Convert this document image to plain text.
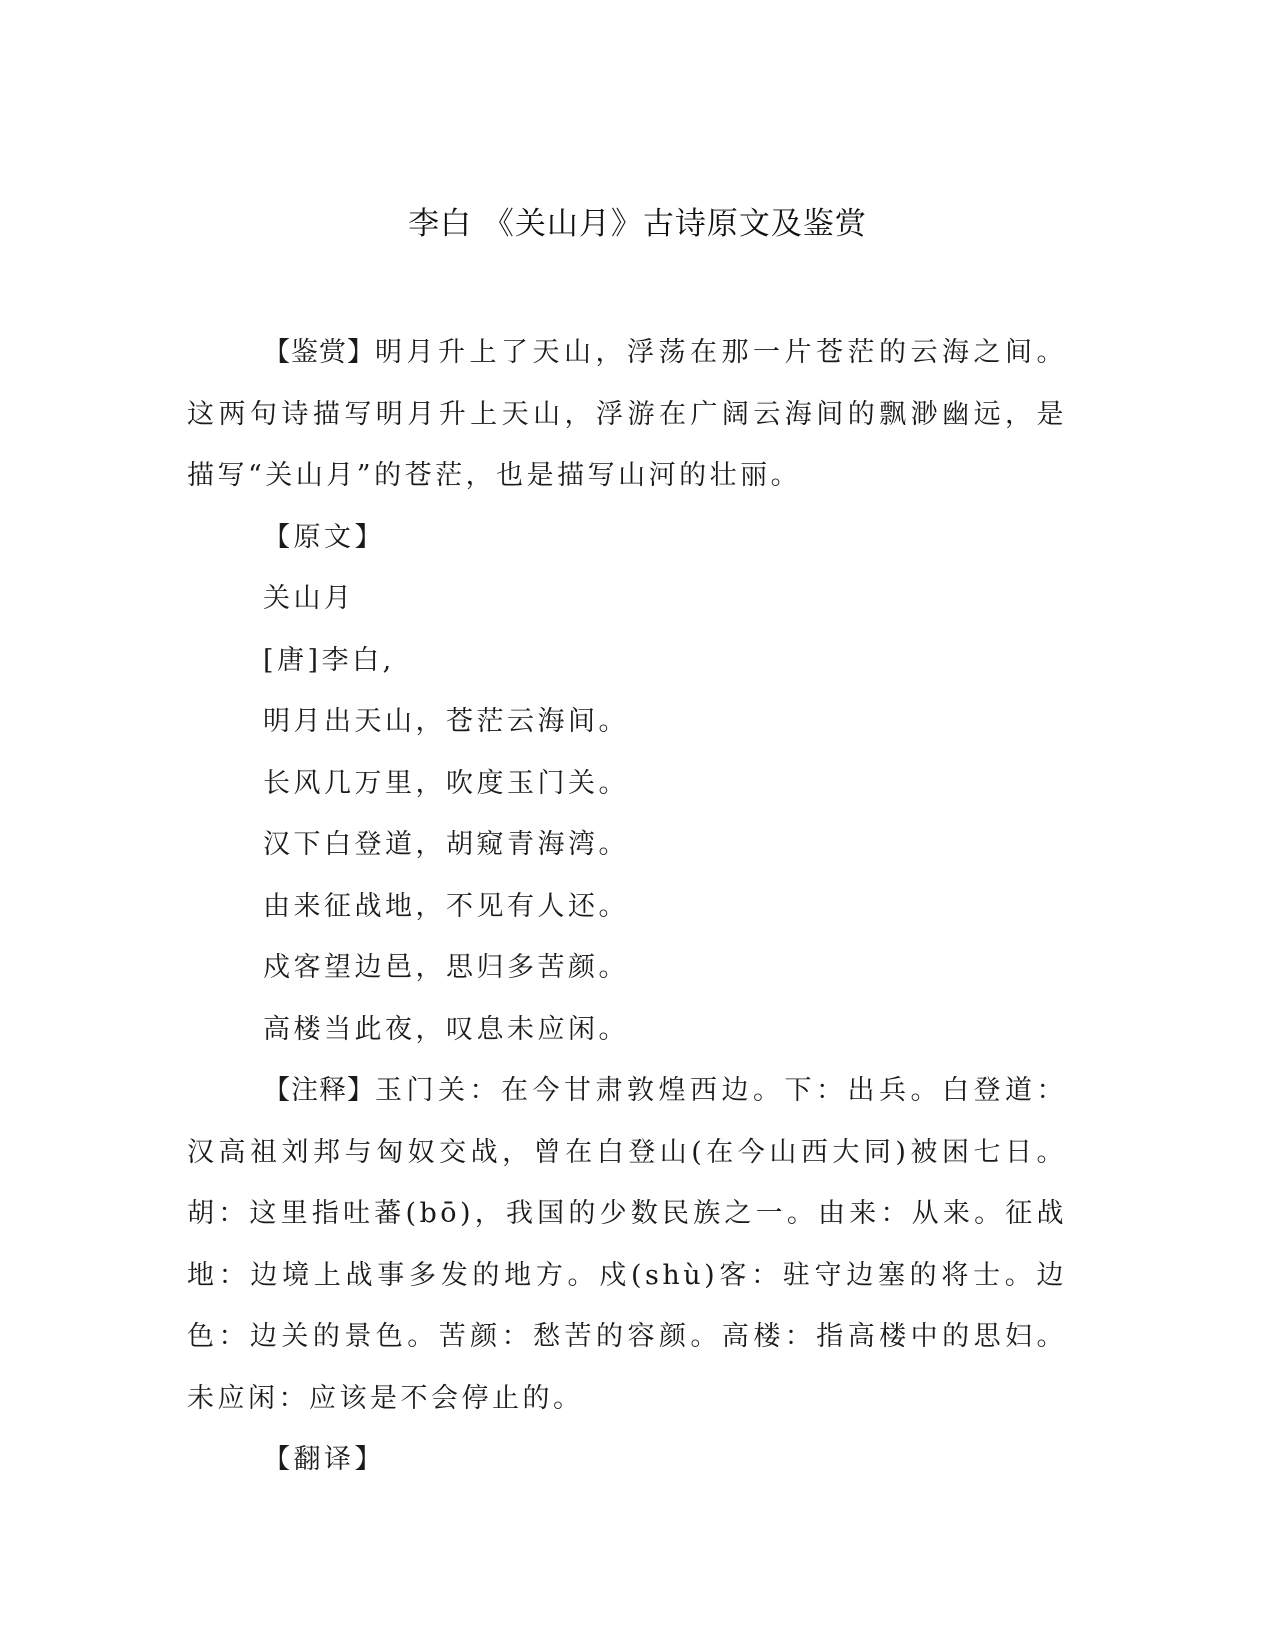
李白 《关山月》古诗原文及鉴赏

【鉴赏】明月升上了天山，浮荡在那一片苍茫的云海之间。这两句诗描写明月升上天山，浮游在广阔云海间的飘渺幽远，是描写“关山月”的苍茫，也是描写山河的壮丽。

【原文】

关山月

[唐]李白,

明月出天山，苍茫云海间。

长风几万里，吹度玉门关。

汉下白登道，胡窥青海湾。

由来征战地，不见有人还。

戍客望边邑，思归多苦颜。

高楼当此夜，叹息未应闲。

【注释】玉门关：在今甘肃敦煌西边。下：出兵。白登道：汉高祖刘邦与匈奴交战，曾在白登山(在今山西大同)被困七日。胡：这里指吐蕃(bō)，我国的少数民族之一。由来：从来。征战地：边境上战事多发的地方。戍(shù)客：驻守边塞的将士。边色：边关的景色。苦颜：愁苦的容颜。高楼：指高楼中的思妇。未应闲：应该是不会停止的。

【翻译】
